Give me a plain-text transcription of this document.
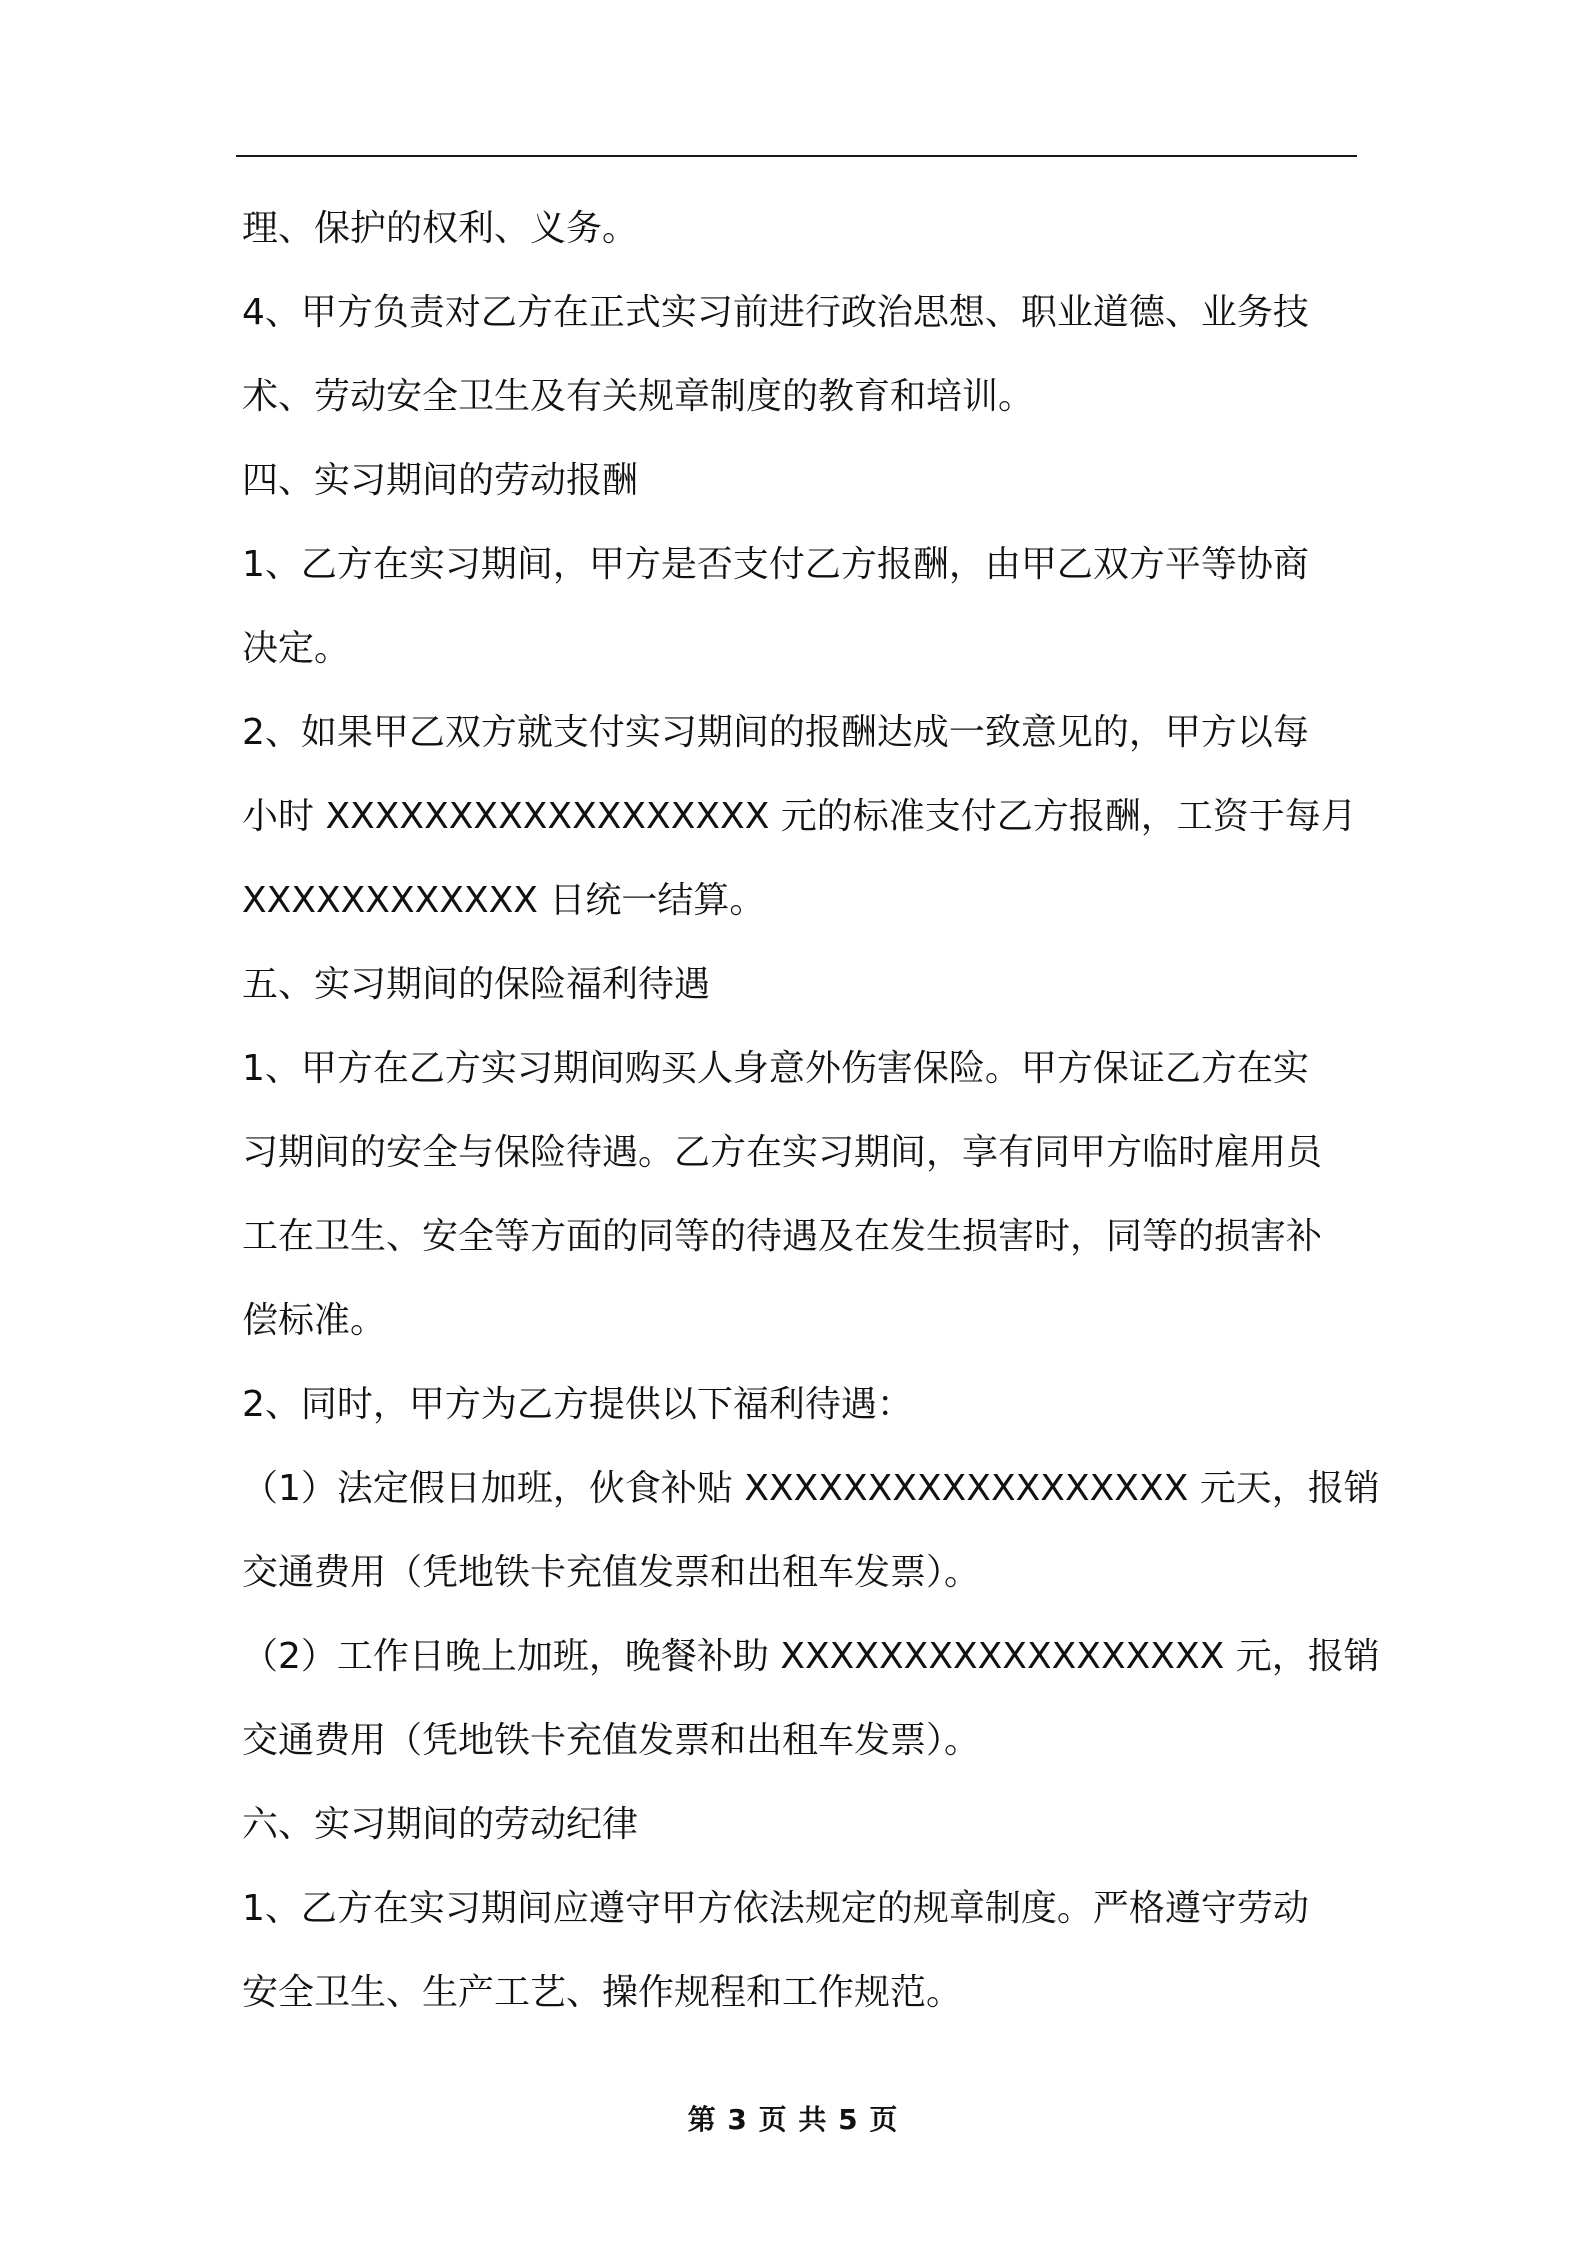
理、保护的权利、义务。
4、甲方负责对乙方在正式实习前进行政治思想、职业道德、业务技
术、劳动安全卫生及有关规章制度的教育和培训。
四、实习期间的劳动报酬
1、乙方在实习期间，甲方是否支付乙方报酬，由甲乙双方平等协商
决定。
2、如果甲乙双方就支付实习期间的报酬达成一致意见的，甲方以每
小时 XXXXXXXXXXXXXXXXXX 元的标准支付乙方报酬，工资于每月
XXXXXXXXXXXX 日统一结算。
五、实习期间的保险福利待遇
1、甲方在乙方实习期间购买人身意外伤害保险。甲方保证乙方在实
习期间的安全与保险待遇。乙方在实习期间，享有同甲方临时雇用员
工在卫生、安全等方面的同等的待遇及在发生损害时，同等的损害补
偿标准。
2、同时，甲方为乙方提供以下福利待遇：
（1）法定假日加班，伙食补贴 XXXXXXXXXXXXXXXXXX 元天，报销
交通费用（凭地铁卡充值发票和出租车发票）。
（2）工作日晚上加班，晚餐补助 XXXXXXXXXXXXXXXXXX 元，报销
交通费用（凭地铁卡充值发票和出租车发票）。
六、实习期间的劳动纪律
1、乙方在实习期间应遵守甲方依法规定的规章制度。严格遵守劳动
安全卫生、生产工艺、操作规程和工作规范。
第 3 页 共 5 页
